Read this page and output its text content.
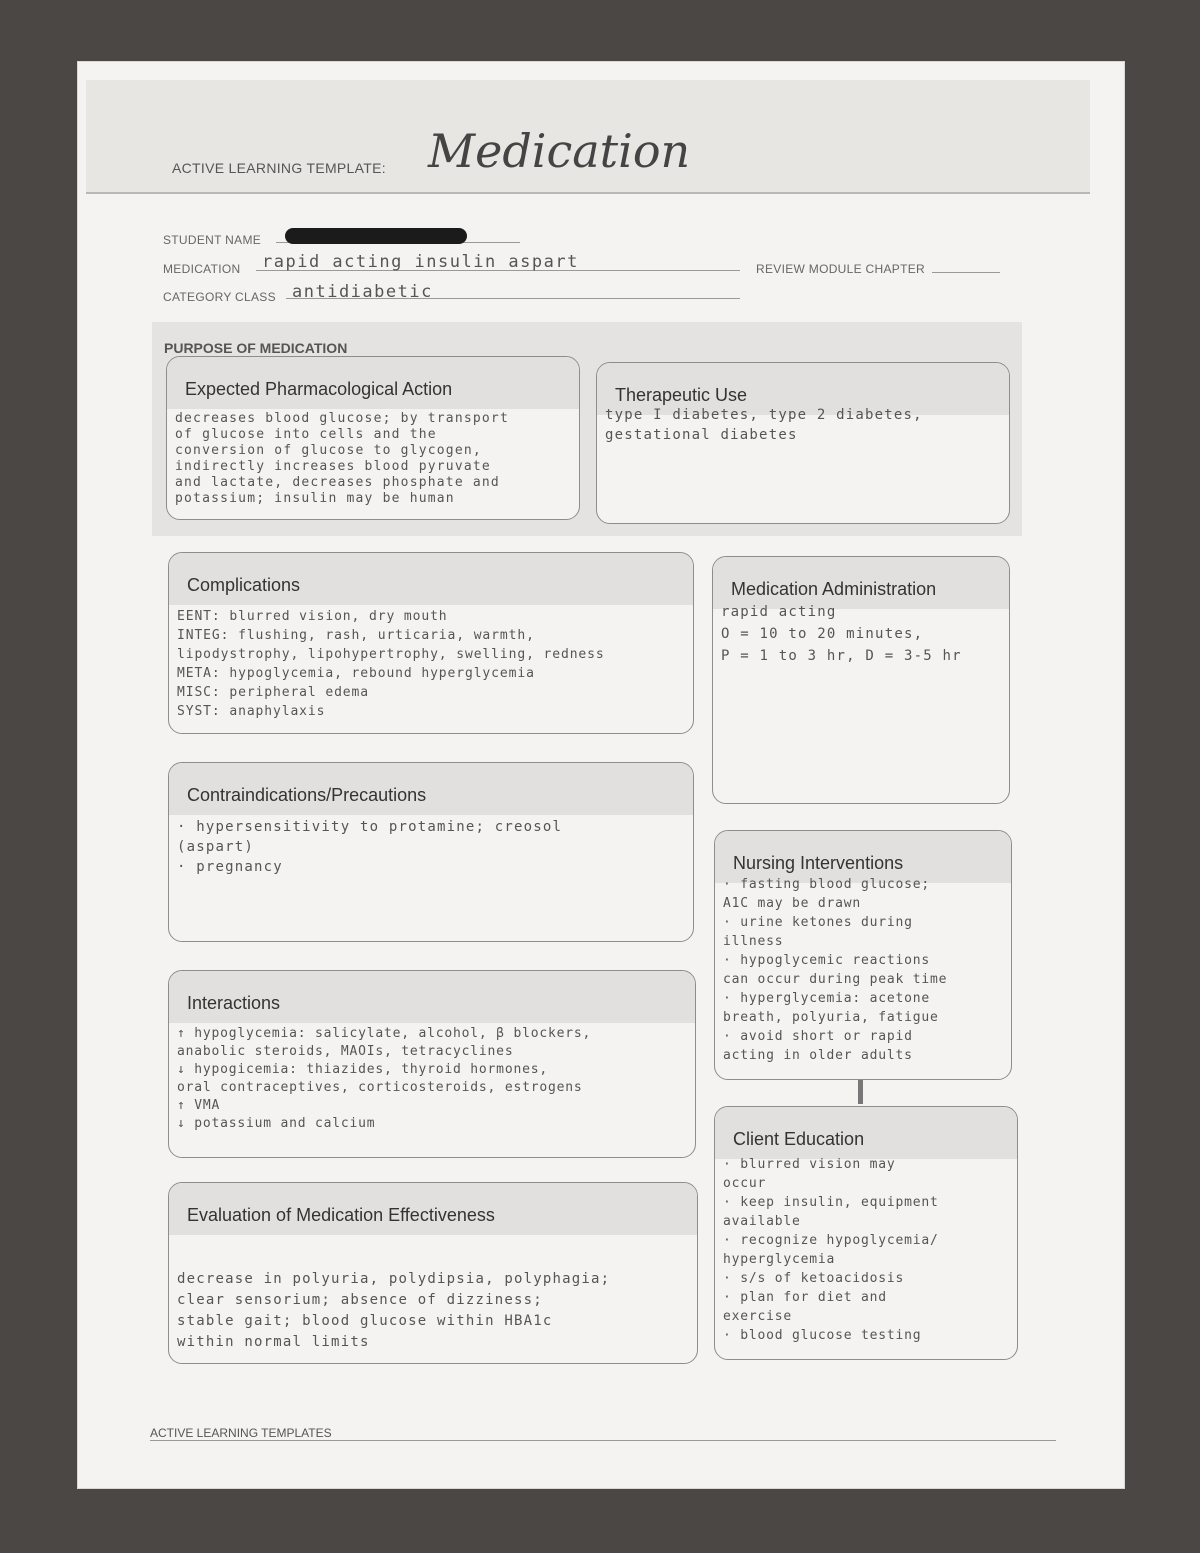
ACTIVE LEARNING TEMPLATE: Medication
STUDENT NAME
MEDICATION rapid acting insulin aspart	REVIEW MODULE CHAPTER
CATEGORY CLASS antidiabetic
PURPOSE OF MEDICATION
Expected Pharmacological Action
decreases blood glucose; by transport
of glucose into cells and the
conversion of glucose to glycogen,
indirectly increases blood pyruvate
and lactate, decreases phosphate and
potassium; insulin may be human
Therapeutic Use
type I diabetes, type 2 diabetes,
gestational diabetes
Complications
EENT: blurred vision, dry mouth
INTEG: flushing, rash, urticaria, warmth,
lipodystrophy, lipohypertrophy, swelling, redness
META: hypoglycemia, rebound hyperglycemia
MISC: peripheral edema
SYST: anaphylaxis
Contraindications/Precautions
· hypersensitivity to protamine; creosol
(aspart)
· pregnancy
Interactions
↑ hypoglycemia: salicylate, alcohol, β blockers,
anabolic steroids, MAOIs, tetracyclines
↓ hypogicemia: thiazides, thyroid hormones,
oral contraceptives, corticosteroids, estrogens
↑ VMA
↓ potassium and calcium
Evaluation of Medication Effectiveness
decrease in polyuria, polydipsia, polyphagia;
clear sensorium; absence of dizziness;
stable gait; blood glucose within HBA1c
within normal limits
Medication Administration
rapid acting
O = 10 to 20 minutes,
P = 1 to 3 hr, D = 3-5 hr
Nursing Interventions
· fasting blood glucose;
A1C may be drawn
· urine ketones during
illness
· hypoglycemic reactions
can occur during peak time
· hyperglycemia: acetone
breath, polyuria, fatigue
· avoid short or rapid
acting in older adults
Client Education
· blurred vision may
occur
· keep insulin, equipment
available
· recognize hypoglycemia/
hyperglycemia
· s/s of ketoacidosis
· plan for diet and
exercise
· blood glucose testing
ACTIVE LEARNING TEMPLATES
